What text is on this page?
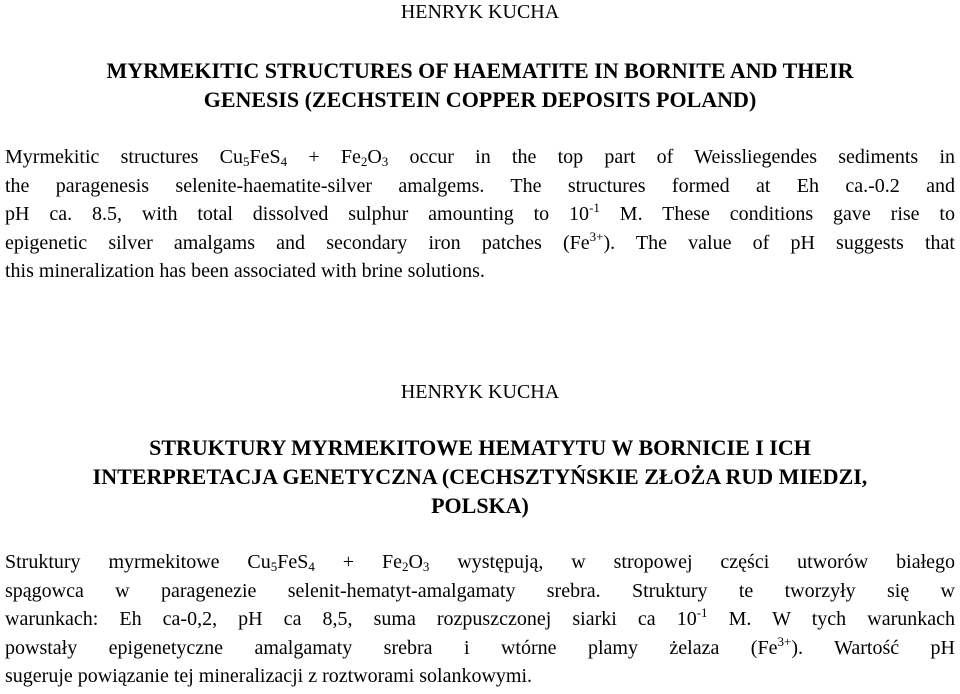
HENRYK KUCHA
MYRMEKITIC STRUCTURES OF HAEMATITE IN BORNITE AND THEIR
GENESIS (ZECHSTEIN COPPER DEPOSITS POLAND)
Myrmekitic structures $Cu_5FeS_4 + Fe_2O_3$ occur in the top part of Weissliegendes sediments in
the paragenesis selenite-haematite-silver amalgems. The structures formed at Eh ca.-0.2 and
pH ca. 8.5, with total dissolved sulphur amounting to $10^{-1}$ M. These conditions gave rise to
epigenetic silver amalgams and secondary iron patches $(Fe^{3+})$. The value of pH suggests that
this mineralization has been associated with brine solutions.
HENRYK KUCHA
STRUKTURY MYRMEKITOWE HEMATYTU W BORNICIE I ICH
INTERPRETACJA GENETYCZNA (CECHSZTYŃSKIE ZŁOŻA RUD MIEDZI,
POLSKA)
Struktury myrmekitowe $Cu_5FeS_4 + Fe_2O_3$ występują, w stropowej części utworów białego
spągowca w paragenezie selenit-hematyt-amalgamaty srebra. Struktury te tworzyły się w
warunkach: Eh ca-0,2, pH ca 8,5, suma rozpuszczonej siarki ca $10^{-1}$ M. W tych warunkach
powstały epigenetyczne amalgamaty srebra i wtórne plamy żelaza $(Fe^{3+})$. Wartość pH
sugeruje powiązanie tej mineralizacji z roztworami solankowymi.
